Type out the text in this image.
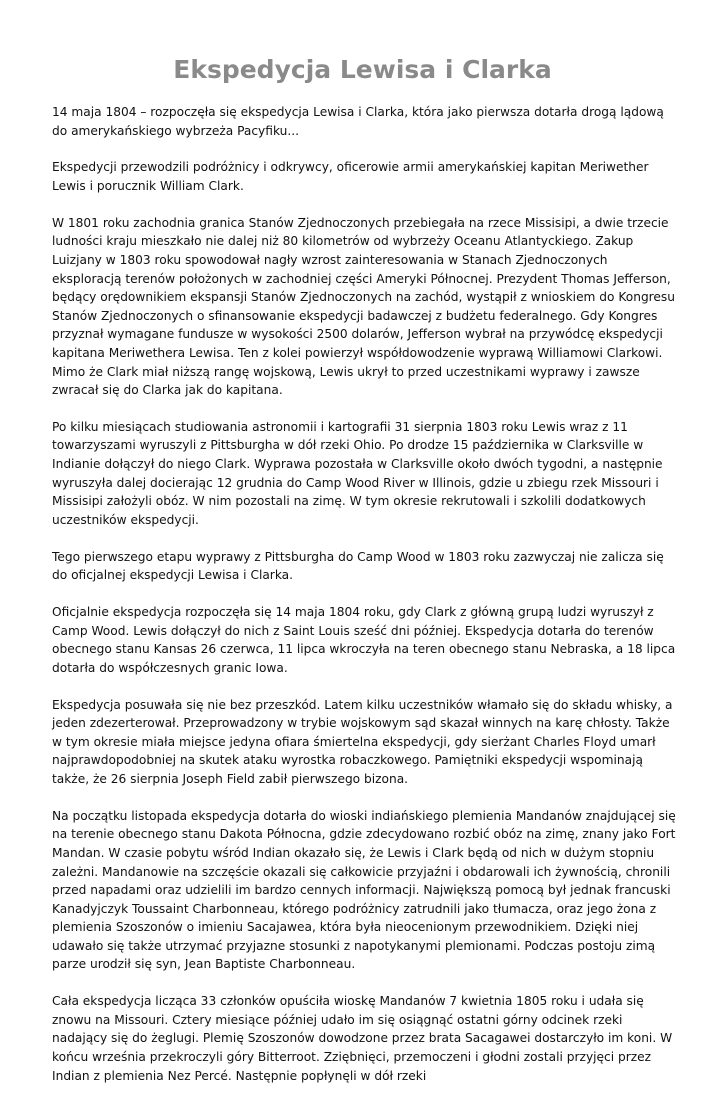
Ekspedycja Lewisa i Clarka

14 maja 1804 – rozpoczęła się ekspedycja Lewisa i Clarka, która jako pierwsza dotarła drogą lądową do amerykańskiego wybrzeża Pacyfiku...

Ekspedycji przewodzili podróżnicy i odkrywcy, oficerowie armii amerykańskiej kapitan Meriwether Lewis i porucznik William Clark.

W 1801 roku zachodnia granica Stanów Zjednoczonych przebiegała na rzece Missisipi, a dwie trzecie ludności kraju mieszkało nie dalej niż 80 kilometrów od wybrzeży Oceanu Atlantyckiego. Zakup Luizjany w 1803 roku spowodował nagły wzrost zainteresowania w Stanach Zjednoczonych eksploracją terenów położonych w zachodniej części Ameryki Północnej. Prezydent Thomas Jefferson, będący orędownikiem ekspansji Stanów Zjednoczonych na zachód, wystąpił z wnioskiem do Kongresu Stanów Zjednoczonych o sfinansowanie ekspedycji badawczej z budżetu federalnego. Gdy Kongres przyznał wymagane fundusze w wysokości 2500 dolarów, Jefferson wybrał na przywódcę ekspedycji kapitana Meriwethera Lewisa. Ten z kolei powierzył współdowodzenie wyprawą Williamowi Clarkowi. Mimo że Clark miał niższą rangę wojskową, Lewis ukrył to przed uczestnikami wyprawy i zawsze zwracał się do Clarka jak do kapitana.

Po kilku miesiącach studiowania astronomii i kartografii 31 sierpnia 1803 roku Lewis wraz z 11 towarzyszami wyruszyli z Pittsburgha w dół rzeki Ohio. Po drodze 15 października w Clarksville w Indianie dołączył do niego Clark. Wyprawa pozostała w Clarksville około dwóch tygodni, a następnie wyruszyła dalej docierając 12 grudnia do Camp Wood River w Illinois, gdzie u zbiegu rzek Missouri i Missisipi założyli obóz. W nim pozostali na zimę. W tym okresie rekrutowali i szkolili dodatkowych uczestników ekspedycji.

Tego pierwszego etapu wyprawy z Pittsburgha do Camp Wood w 1803 roku zazwyczaj nie zalicza się do oficjalnej ekspedycji Lewisa i Clarka.

Oficjalnie ekspedycja rozpoczęła się 14 maja 1804 roku, gdy Clark z główną grupą ludzi wyruszył z Camp Wood. Lewis dołączył do nich z Saint Louis sześć dni później. Ekspedycja dotarła do terenów obecnego stanu Kansas 26 czerwca, 11 lipca wkroczyła na teren obecnego stanu Nebraska, a 18 lipca dotarła do współczesnych granic Iowa.

Ekspedycja posuwała się nie bez przeszkód. Latem kilku uczestników włamało się do składu whisky, a jeden zdezerterował. Przeprowadzony w trybie wojskowym sąd skazał winnych na karę chłosty. Także w tym okresie miała miejsce jedyna ofiara śmiertelna ekspedycji, gdy sierżant Charles Floyd umarł najprawdopodobniej na skutek ataku wyrostka robaczkowego. Pamiętniki ekspedycji wspominają także, że 26 sierpnia Joseph Field zabił pierwszego bizona.

Na początku listopada ekspedycja dotarła do wioski indiańskiego plemienia Mandanów znajdującej się na terenie obecnego stanu Dakota Północna, gdzie zdecydowano rozbić obóz na zimę, znany jako Fort Mandan. W czasie pobytu wśród Indian okazało się, że Lewis i Clark będą od nich w dużym stopniu zależni. Mandanowie na szczęście okazali się całkowicie przyjaźni i obdarowali ich żywnością, chronili przed napadami oraz udzielili im bardzo cennych informacji. Największą pomocą był jednak francuski Kanadyjczyk Toussaint Charbonneau, którego podróżnicy zatrudnili jako tłumacza, oraz jego żona z plemienia Szoszonów o imieniu Sacajawea, która była nieocenionym przewodnikiem. Dzięki niej udawało się także utrzymać przyjazne stosunki z napotykanymi plemionami. Podczas postoju zimą parze urodził się syn, Jean Baptiste Charbonneau.

Cała ekspedycja licząca 33 członków opuściła wioskę Mandanów 7 kwietnia 1805 roku i udała się znowu na Missouri. Cztery miesiące później udało im się osiągnąć ostatni górny odcinek rzeki nadający się do żeglugi. Plemię Szoszonów dowodzone przez brata Sacagawei dostarczyło im koni. W końcu września przekroczyli góry Bitterroot. Zziębnięci, przemoczeni i głodni zostali przyjęci przez Indian z plemienia Nez Percé. Następnie popłynęli w dół rzeki
